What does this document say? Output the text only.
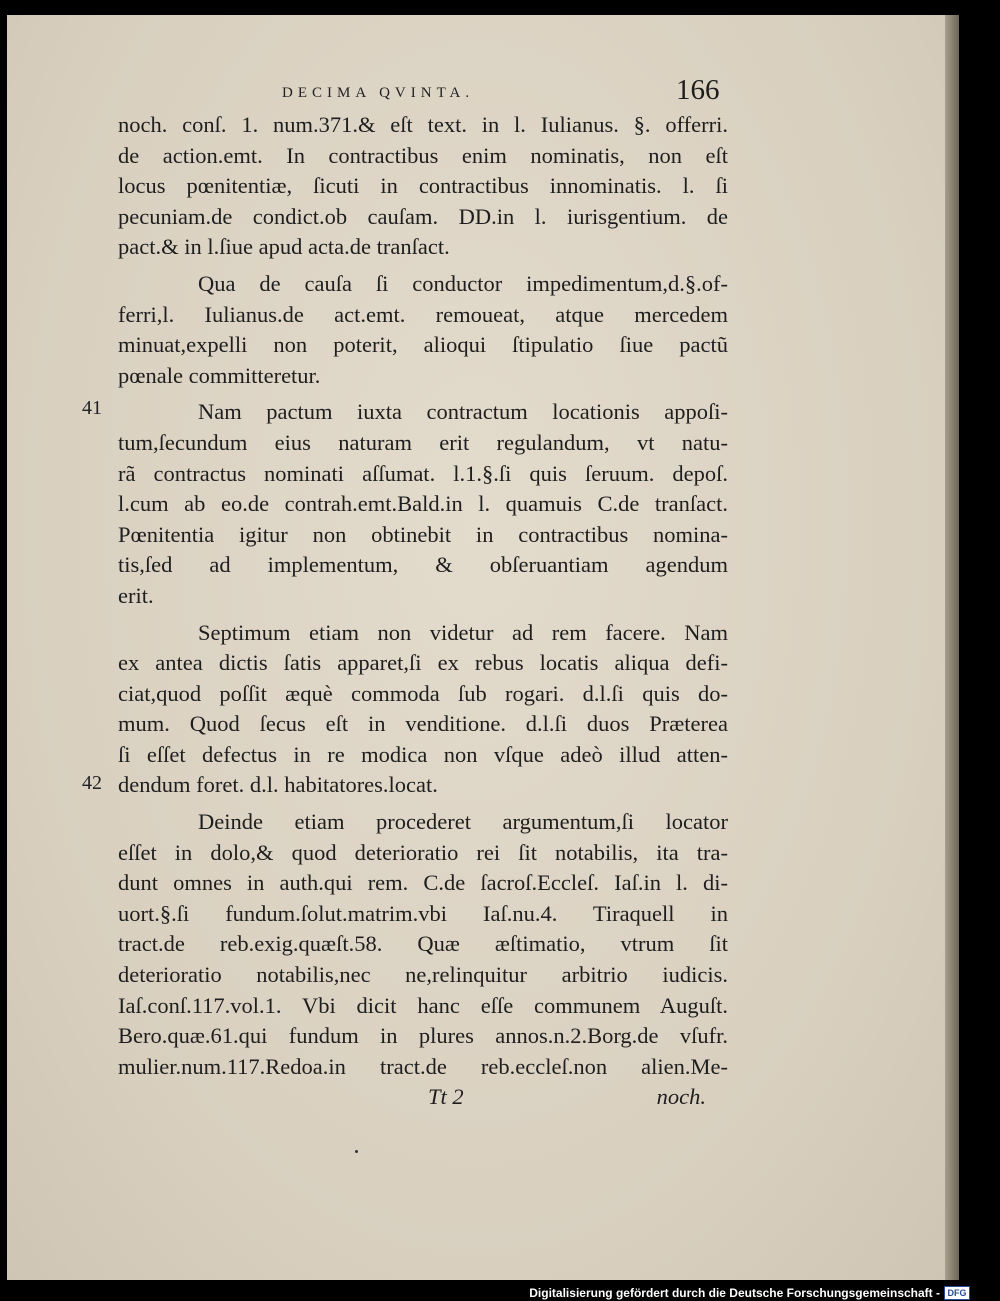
DECIMA QVINTA.	166
41
42
noch. conſ. 1. num.371.& eſt text. in l. Iulianus. §. offerri.
de action.emt. In contractibus enim nominatis, non eſt
locus pœnitentiæ, ſicuti in contractibus innominatis. l. ſi
pecuniam.de condict.ob cauſam. DD.in l. iurisgentium. de
pact.& in l.ſiue apud acta.de tranſact.
Qua de cauſa ſi conductor impedimentum,d.§.of-
ferri,l. Iulianus.de act.emt. remoueat, atque mercedem
minuat,expelli non poterit, alioqui ſtipulatio ſiue pactũ
pœnale committeretur.
Nam pactum iuxta contractum locationis appoſi-
tum,ſecundum eius naturam erit regulandum, vt natu-
rã contractus nominati aſſumat. l.1.§.ſi quis ſeruum. depoſ.
l.cum ab eo.de contrah.emt.Bald.in l. quamuis C.de tranſact.
Pœnitentia igitur non obtinebit in contractibus nomina-
tis,ſed ad implementum, & obſeruantiam agendum
erit.
Septimum etiam non videtur ad rem facere. Nam
ex antea dictis ſatis apparet,ſi ex rebus locatis aliqua defi-
ciat,quod poſſit æquè commoda ſub rogari. d.l.ſi quis do-
mum. Quod ſecus eſt in venditione. d.l.ſi duos Præterea
ſi eſſet defectus in re modica non vſque adeò illud atten-
dendum foret. d.l. habitatores.locat.
Deinde etiam procederet argumentum,ſi locator
eſſet in dolo,& quod deterioratio rei ſit notabilis, ita tra-
dunt omnes in auth.qui rem. C.de ſacroſ.Eccleſ. Iaſ.in l. di-
uort.§.ſi fundum.ſolut.matrim.vbi Iaſ.nu.4. Tiraquell in
tract.de reb.exig.quæſt.58. Quæ æſtimatio, vtrum ſit
deterioratio notabilis,nec ne,relinquitur arbitrio iudicis.
Iaſ.conſ.117.vol.1. Vbi dicit hanc eſſe communem Auguſt.
Bero.quæ.61.qui fundum in plures annos.n.2.Borg.de vſufr.
mulier.num.117.Redoa.in tract.de reb.eccleſ.non alien.Me-
Tt 2	noch.
Digitalisierung gefördert durch die Deutsche Forschungsgemeinschaft - DFG
